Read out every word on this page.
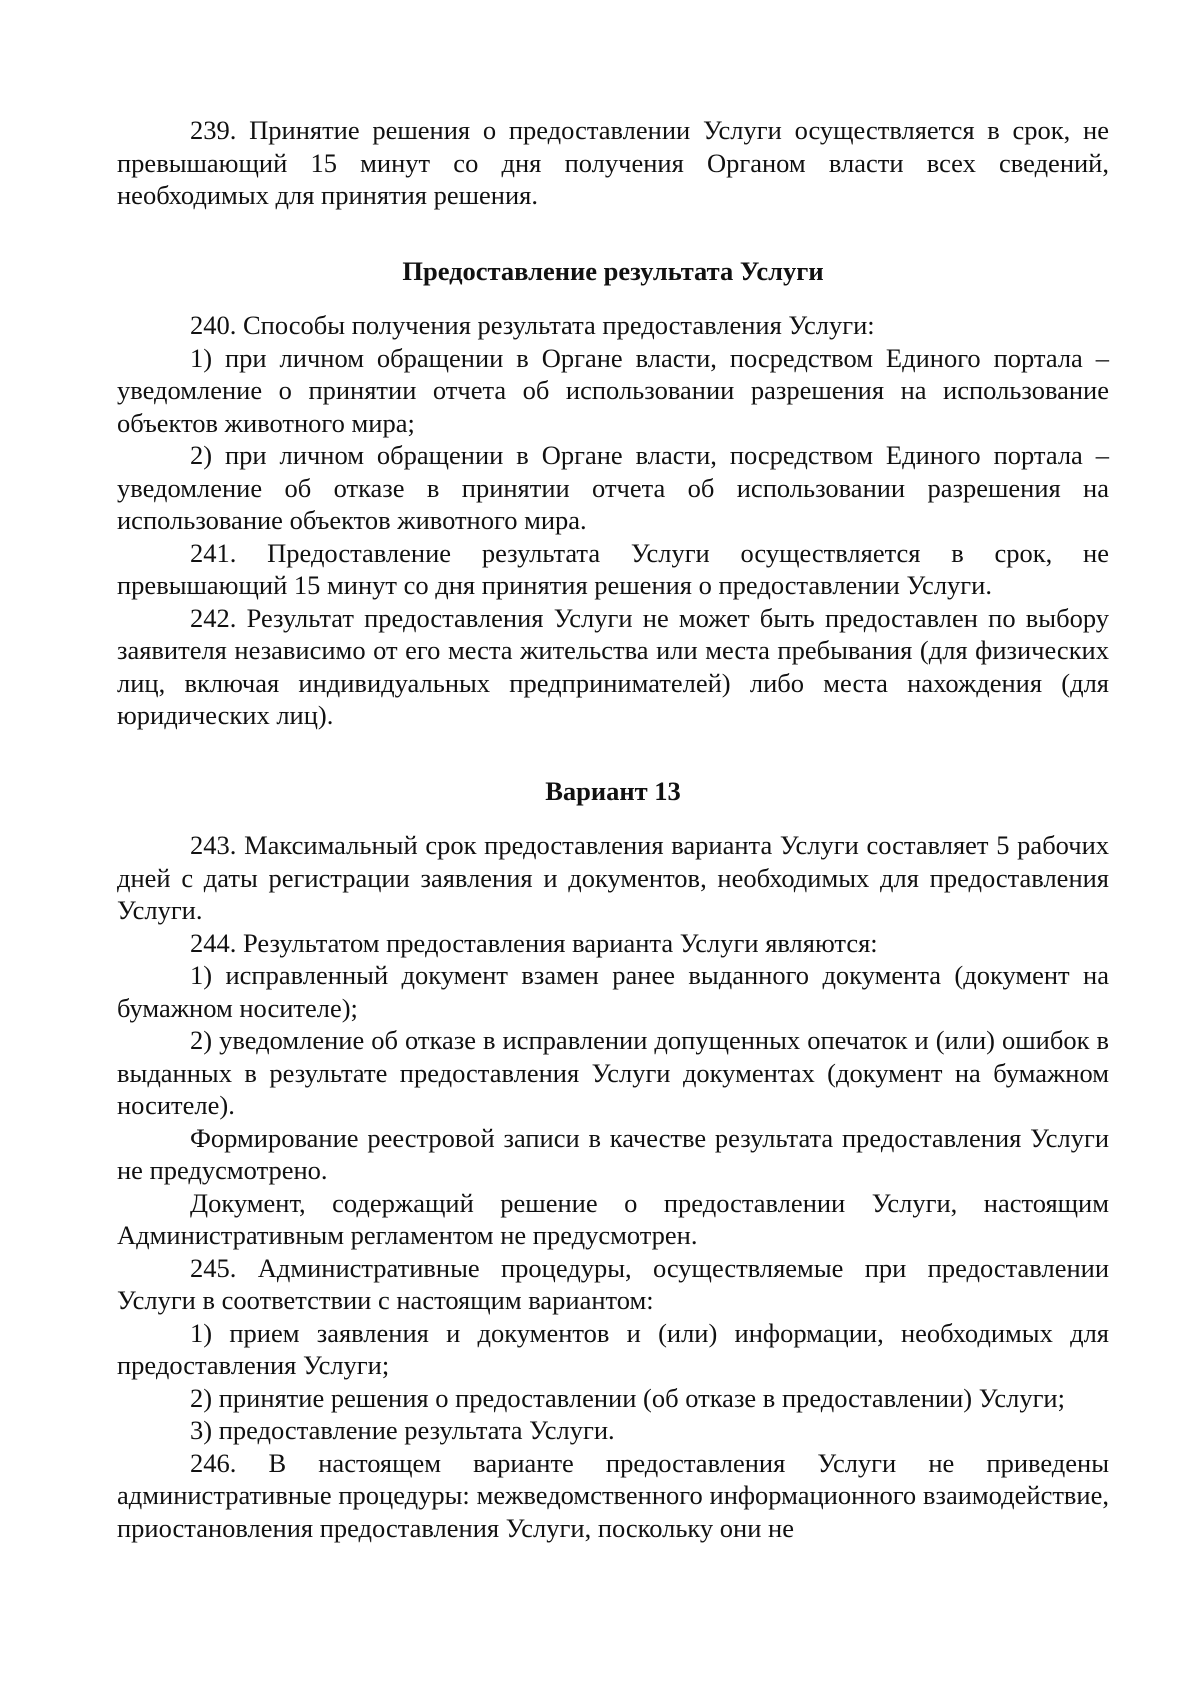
239. Принятие решения о предоставлении Услуги осуществляется в срок, не превышающий 15 минут со дня получения Органом власти всех сведений, необходимых для принятия решения.

Предоставление результата Услуги

240. Способы получения результата предоставления Услуги:

1) при личном обращении в Органе власти, посредством Единого портала – уведомление о принятии отчета об использовании разрешения на использование объектов животного мира;

2) при личном обращении в Органе власти, посредством Единого портала – уведомление об отказе в принятии отчета об использовании разрешения на использование объектов животного мира.

241. Предоставление результата Услуги осуществляется в срок, не превышающий 15 минут со дня принятия решения о предоставлении Услуги.

242. Результат предоставления Услуги не может быть предоставлен по выбору заявителя независимо от его места жительства или места пребывания (для физических лиц, включая индивидуальных предпринимателей) либо места нахождения (для юридических лиц).

Вариант 13

243. Максимальный срок предоставления варианта Услуги составляет 5 рабочих дней с даты регистрации заявления и документов, необходимых для предоставления Услуги.

244. Результатом предоставления варианта Услуги являются:

1) исправленный документ взамен ранее выданного документа (документ на бумажном носителе);

2) уведомление об отказе в исправлении допущенных опечаток и (или) ошибок в выданных в результате предоставления Услуги документах (документ на бумажном носителе).

Формирование реестровой записи в качестве результата предоставления Услуги не предусмотрено.

Документ, содержащий решение о предоставлении Услуги, настоящим Административным регламентом не предусмотрен.

245. Административные процедуры, осуществляемые при предоставлении Услуги в соответствии с настоящим вариантом:

1) прием заявления и документов и (или) информации, необходимых для предоставления Услуги;

2) принятие решения о предоставлении (об отказе в предоставлении) Услуги;

3) предоставление результата Услуги.

246. В настоящем варианте предоставления Услуги не приведены административные процедуры: межведомственного информационного взаимодействие, приостановления предоставления Услуги, поскольку они не
